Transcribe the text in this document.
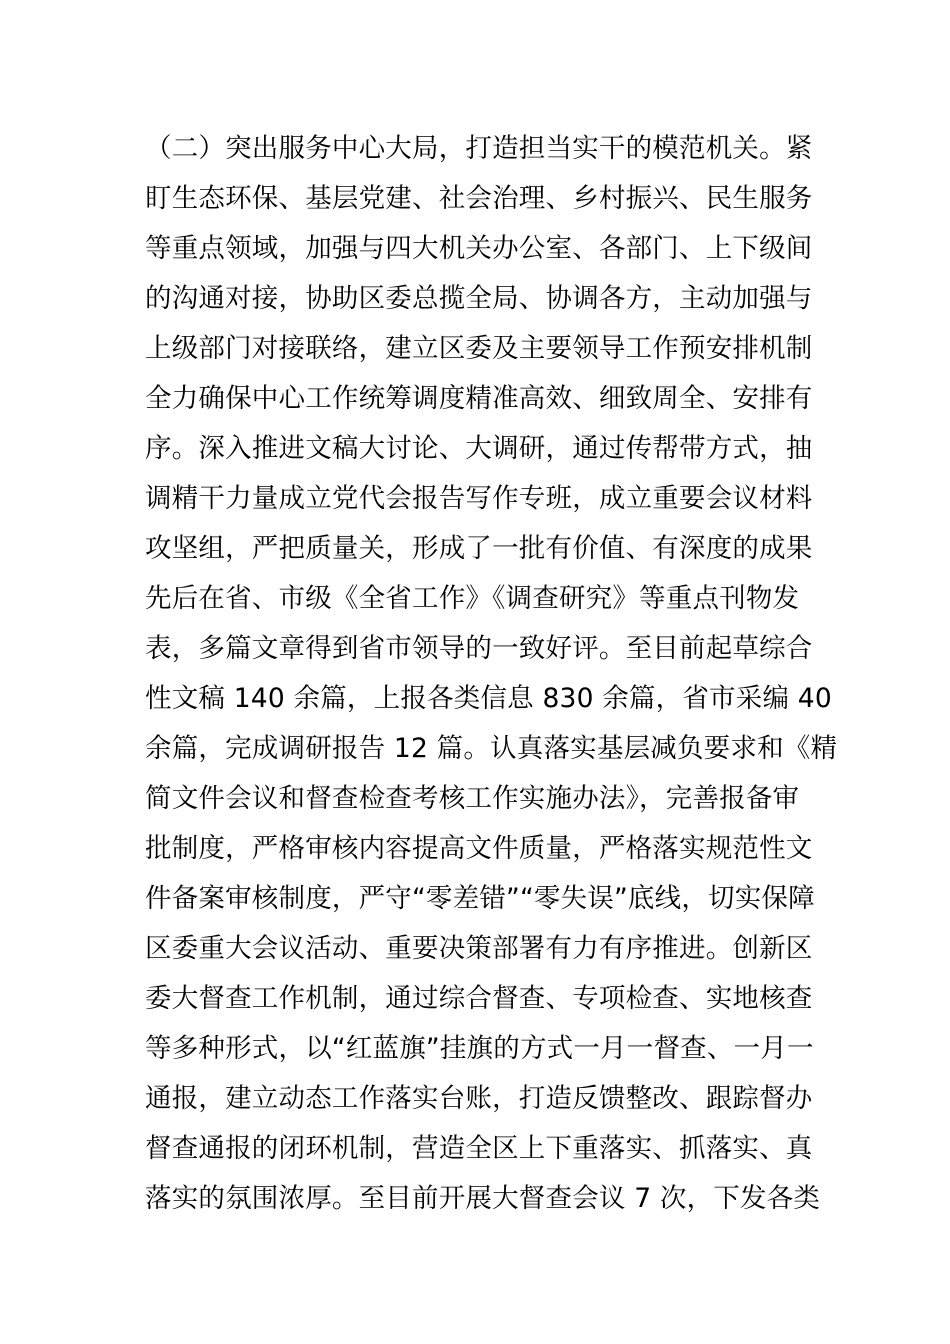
（二）突出服务中心大局，打造担当实干的模范机关。紧
盯生态环保、基层党建、社会治理、乡村振兴、民生服务
等重点领域，加强与四大机关办公室、各部门、上下级间
的沟通对接，协助区委总揽全局、协调各方，主动加强与
上级部门对接联络，建立区委及主要领导工作预安排机制
全力确保中心工作统筹调度精准高效、细致周全、安排有
序。深入推进文稿大讨论、大调研，通过传帮带方式，抽
调精干力量成立党代会报告写作专班，成立重要会议材料
攻坚组，严把质量关，形成了一批有价值、有深度的成果
先后在省、市级《全省工作》《调查研究》等重点刊物发
表，多篇文章得到省市领导的一致好评。至目前起草综合
性文稿 140 余篇，上报各类信息 830 余篇，省市采编 40
余篇，完成调研报告 12 篇。认真落实基层减负要求和《精
简文件会议和督查检查考核工作实施办法》，完善报备审
批制度，严格审核内容提高文件质量，严格落实规范性文
件备案审核制度，严守“零差错”“零失误”底线，切实保障
区委重大会议活动、重要决策部署有力有序推进。创新区
委大督查工作机制，通过综合督查、专项检查、实地核查
等多种形式，以“红蓝旗”挂旗的方式一月一督查、一月一
通报，建立动态工作落实台账，打造反馈整改、跟踪督办
督查通报的闭环机制，营造全区上下重落实、抓落实、真
落实的氛围浓厚。至目前开展大督查会议 7 次，下发各类
